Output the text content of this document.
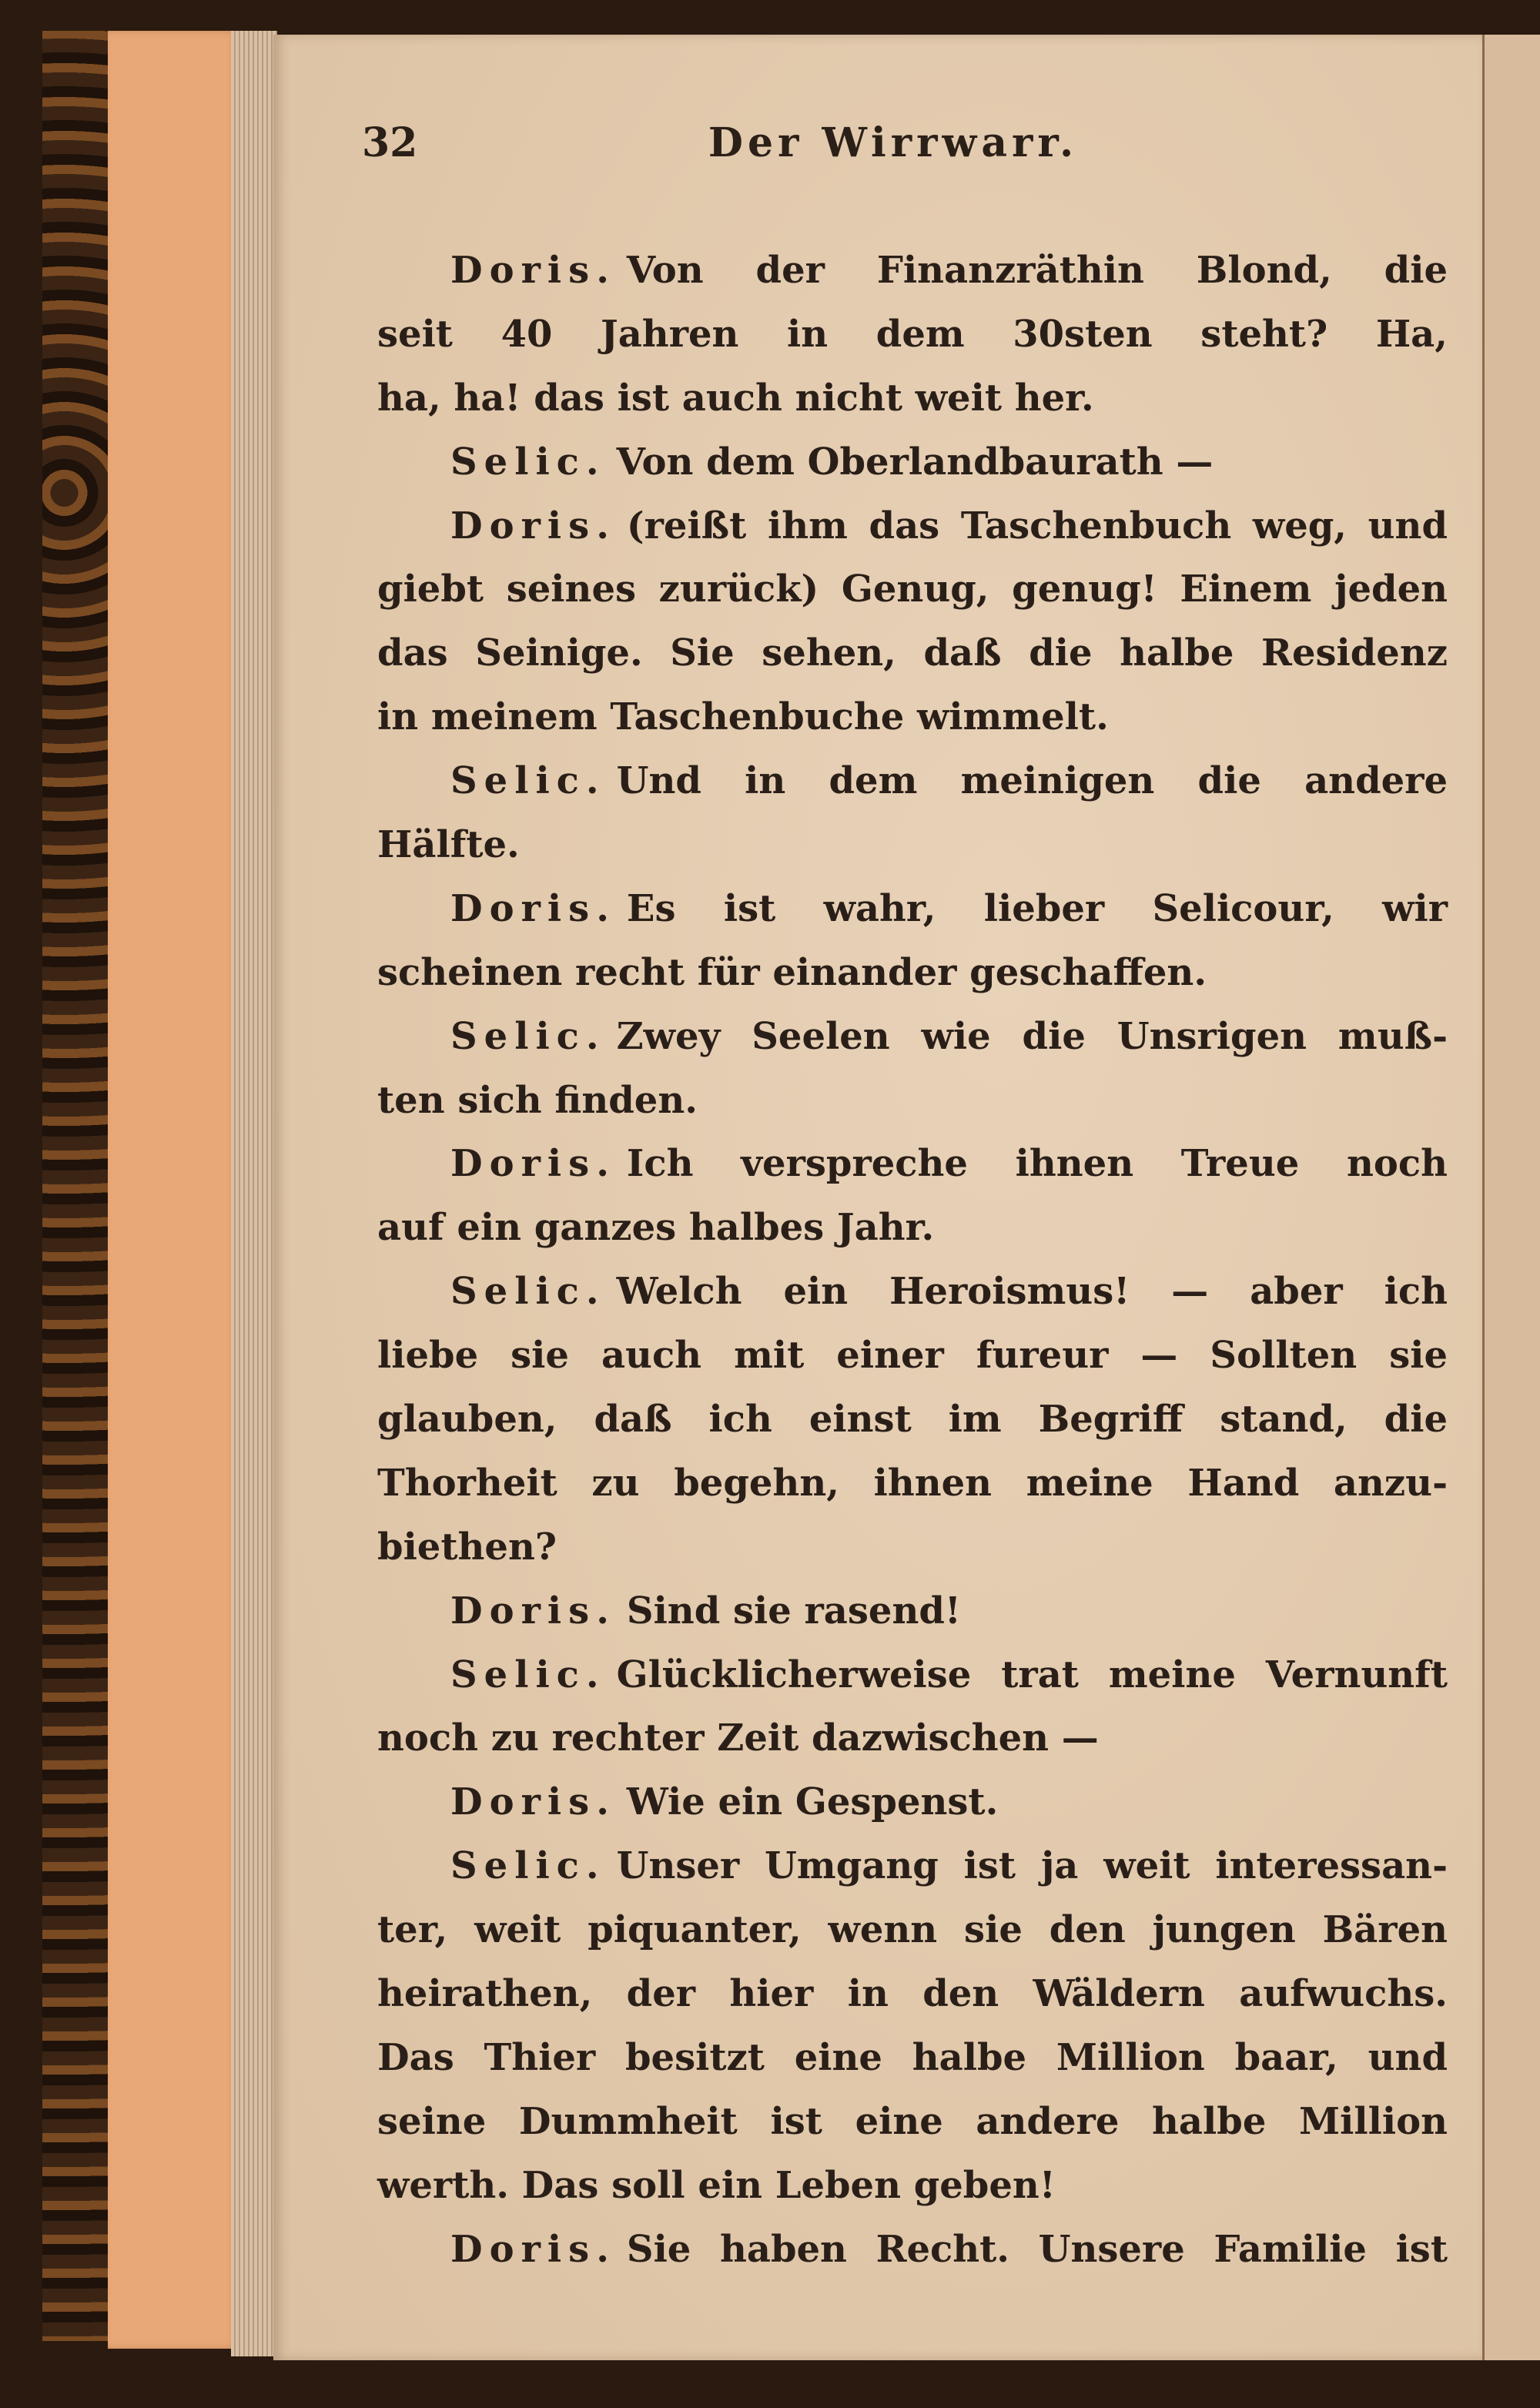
32	Der Wirrwarr.
Doris. Von der Finanzräthin Blond, die
seit 40 Jahren in dem 30sten steht? Ha,
ha, ha! das ist auch nicht weit her.
Selic. Von dem Oberlandbaurath —
Doris. (reißt ihm das Taschenbuch weg, und
giebt seines zurück) Genug, genug! Einem jeden
das Seinige. Sie sehen, daß die halbe Residenz
in meinem Taschenbuche wimmelt.
Selic. Und in dem meinigen die andere
Hälfte.
Doris. Es ist wahr, lieber Selicour, wir
scheinen recht für einander geschaffen.
Selic. Zwey Seelen wie die Unsrigen muß-
ten sich finden.
Doris. Ich verspreche ihnen Treue noch
auf ein ganzes halbes Jahr.
Selic. Welch ein Heroismus! — aber ich
liebe sie auch mit einer fureur — Sollten sie
glauben, daß ich einst im Begriff stand, die
Thorheit zu begehn, ihnen meine Hand anzu-
biethen?
Doris. Sind sie rasend!
Selic. Glücklicherweise trat meine Vernunft
noch zu rechter Zeit dazwischen —
Doris. Wie ein Gespenst.
Selic. Unser Umgang ist ja weit interessan-
ter, weit piquanter, wenn sie den jungen Bären
heirathen, der hier in den Wäldern aufwuchs.
Das Thier besitzt eine halbe Million baar, und
seine Dummheit ist eine andere halbe Million
werth. Das soll ein Leben geben!
Doris. Sie haben Recht. Unsere Familie ist
